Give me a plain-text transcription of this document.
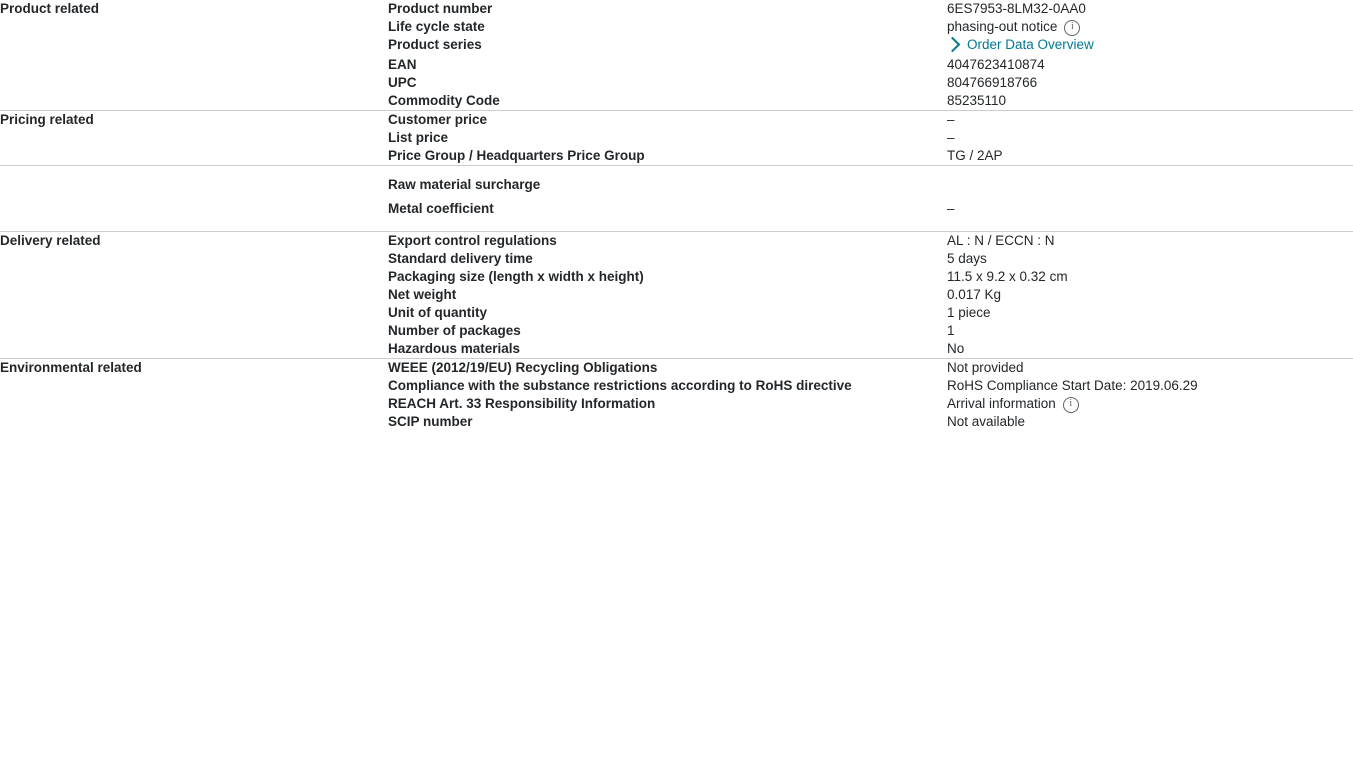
Product related	Product number	6ES7953-8LM32-0AA0
	Life cycle state	phasing-out notice
i

	Product series	Order Data Overview

	EAN	4047623410874
	UPC	804766918766
	Commodity Code	85235110
Pricing related	Customer price	–
	List price	–
	Price Group / Headquarters Price Group	TG / 2AP
	Raw material surcharge	
	Metal coefficient	–
Delivery related	Export control regulations	AL : N / ECCN : N
	Standard delivery time	5 days
	Packaging size (length x width x height)	11.5 x 9.2 x 0.32 cm
	Net weight	0.017 Kg
	Unit of quantity	1 piece
	Number of packages	1
	Hazardous materials	No
Environmental related	WEEE (2012/19/EU) Recycling Obligations	Not provided
	Compliance with the substance restrictions according to RoHS directive	RoHS Compliance Start Date: 2019.06.29
	REACH Art. 33 Responsibility Information	Arrival information
i

	SCIP number	Not available
